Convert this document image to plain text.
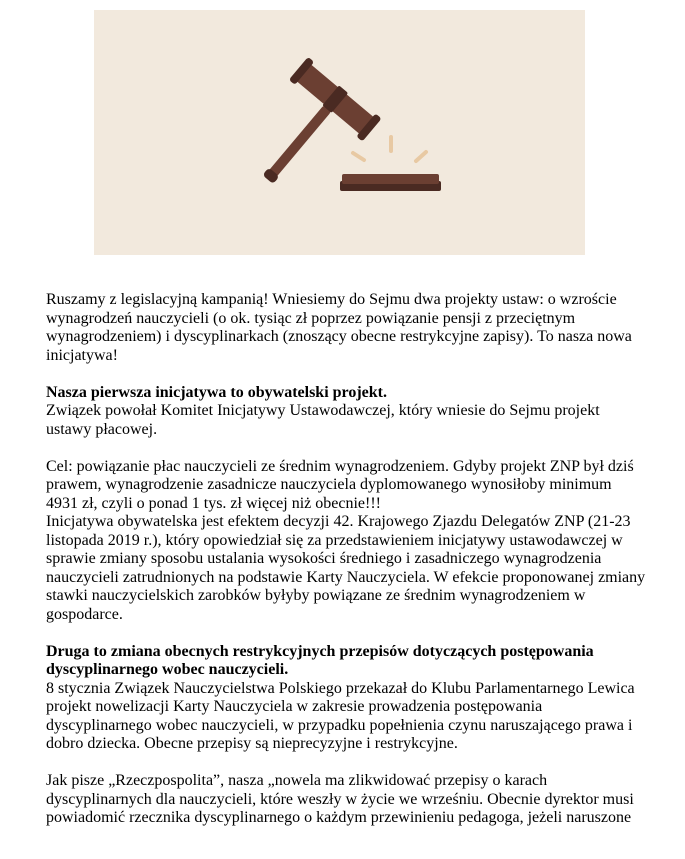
Ruszamy z legislacyjną kampanią! Wniesiemy do Sejmu dwa projekty ustaw: o wzroście wynagrodzeń nauczycieli (o ok. tysiąc zł poprzez powiązanie pensji z przeciętnym wynagrodzeniem) i dyscyplinarkach (znoszący obecne restrykcyjne zapisy). To nasza nowa inicjatywa!

Nasza pierwsza inicjatywa to obywatelski projekt.
Związek powołał Komitet Inicjatywy Ustawodawczej, który wniesie do Sejmu projekt ustawy płacowej.

Cel: powiązanie płac nauczycieli ze średnim wynagrodzeniem. Gdyby projekt ZNP był dziś prawem, wynagrodzenie zasadnicze nauczyciela dyplomowanego wynosiłoby minimum 4931 zł, czyli o ponad 1 tys. zł więcej niż obecnie!!!
Inicjatywa obywatelska jest efektem decyzji 42. Krajowego Zjazdu Delegatów ZNP (21-23 listopada 2019 r.), który opowiedział się za przedstawieniem inicjatywy ustawodawczej w sprawie zmiany sposobu ustalania wysokości średniego i zasadniczego wynagrodzenia nauczycieli zatrudnionych na podstawie Karty Nauczyciela. W efekcie proponowanej zmiany stawki nauczycielskich zarobków byłyby powiązane ze średnim wynagrodzeniem w gospodarce.

Druga to zmiana obecnych restrykcyjnych przepisów dotyczących postępowania dyscyplinarnego wobec nauczycieli.
8 stycznia Związek Nauczycielstwa Polskiego przekazał do Klubu Parlamentarnego Lewica projekt nowelizacji Karty Nauczyciela w zakresie prowadzenia postępowania dyscyplinarnego wobec nauczycieli, w przypadku popełnienia czynu naruszającego prawa i dobro dziecka. Obecne przepisy są nieprecyzyjne i restrykcyjne.

Jak pisze „Rzeczpospolita”, nasza „nowela ma zlikwidować przepisy o karach dyscyplinarnych dla nauczycieli, które weszły w życie we wrześniu. Obecnie dyrektor musi powiadomić rzecznika dyscyplinarnego o każdym przewinieniu pedagoga, jeżeli naruszone
